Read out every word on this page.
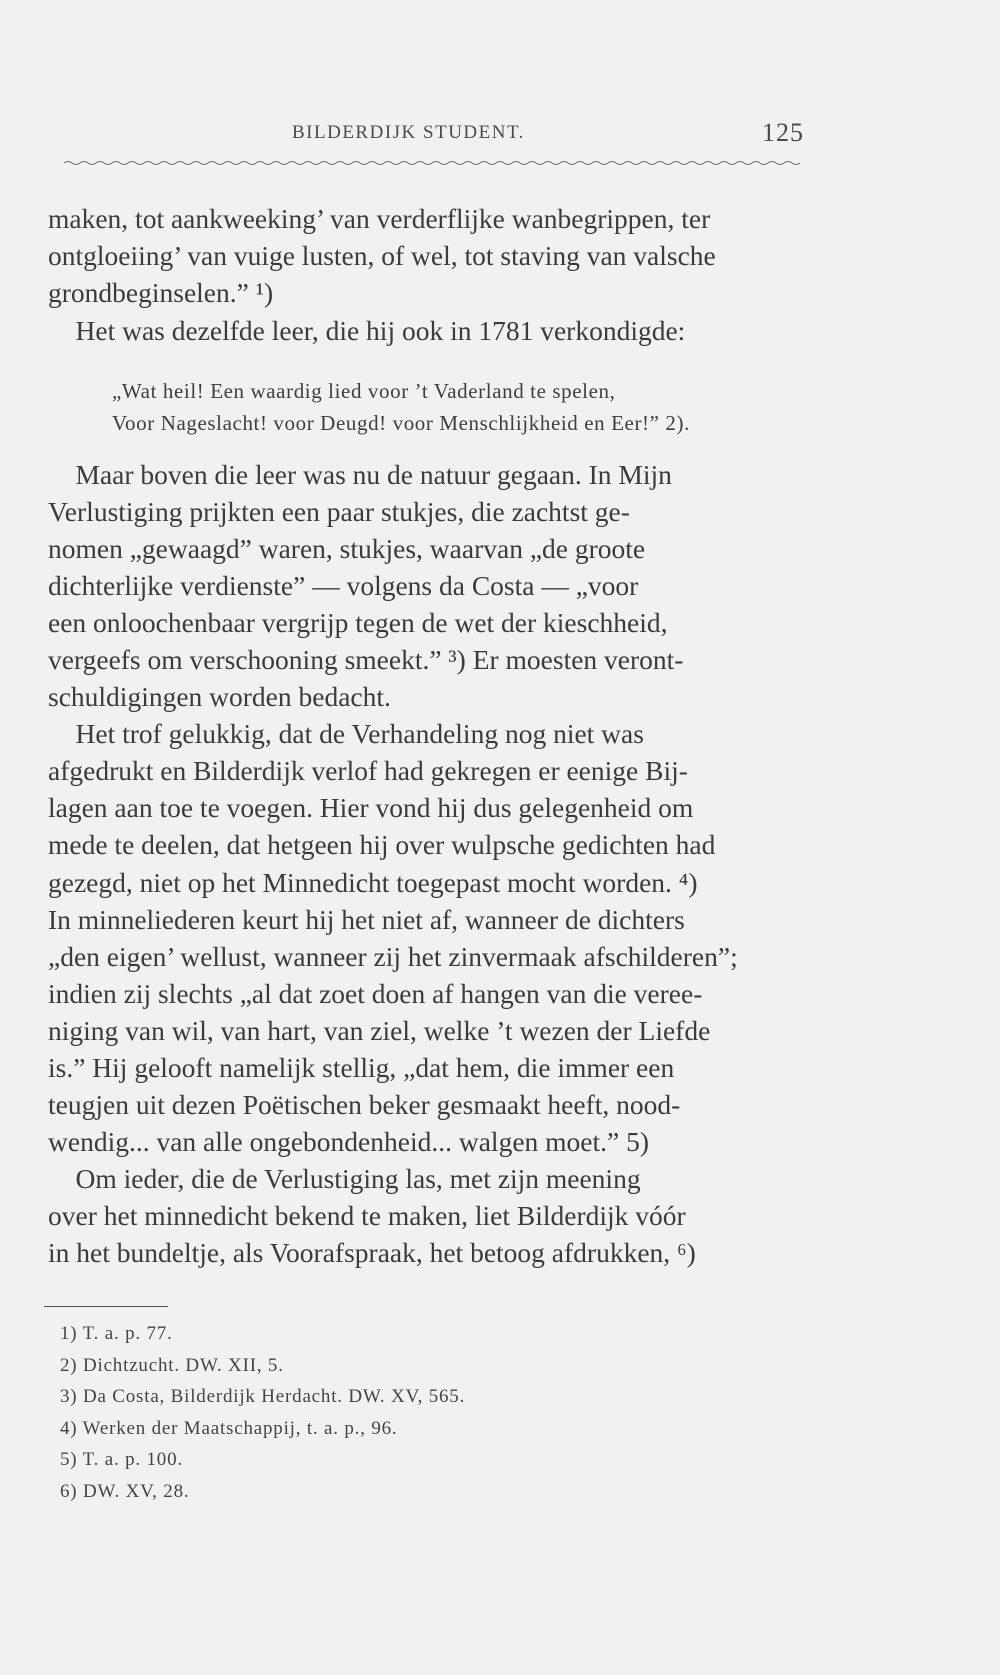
BILDERDIJK STUDENT.	125
maken, tot aankweeking’ van verderflijke wanbegrippen, ter
ontgloeiing’ van vuige lusten, of wel, tot staving van valsche
grondbeginselen.” ¹)
Het was dezelfde leer, die hij ook in 1781 verkondigde:
„Wat heil! Een waardig lied voor ’t Vaderland te spelen,
Voor Nageslacht! voor Deugd! voor Menschlijkheid en Eer!” 2).
Maar boven die leer was nu de natuur gegaan. In Mijn
Verlustiging prijkten een paar stukjes, die zachtst ge-
nomen „gewaagd” waren, stukjes, waarvan „de groote
dichterlijke verdienste” — volgens da Costa — „voor
een onloochenbaar vergrijp tegen de wet der kieschheid,
vergeefs om verschooning smeekt.” ³) Er moesten veront-
schuldigingen worden bedacht.
Het trof gelukkig, dat de Verhandeling nog niet was
afgedrukt en Bilderdijk verlof had gekregen er eenige Bij-
lagen aan toe te voegen. Hier vond hij dus gelegenheid om
mede te deelen, dat hetgeen hij over wulpsche gedichten had
gezegd, niet op het Minnedicht toegepast mocht worden. ⁴)
In minneliederen keurt hij het niet af, wanneer de dichters
„den eigen’ wellust, wanneer zij het zinvermaak afschilderen”;
indien zij slechts „al dat zoet doen af hangen van die veree-
niging van wil, van hart, van ziel, welke ’t wezen der Liefde
is.” Hij gelooft namelijk stellig, „dat hem, die immer een
teugjen uit dezen Poëtischen beker gesmaakt heeft, nood-
wendig... van alle ongebondenheid... walgen moet.” 5)
Om ieder, die de Verlustiging las, met zijn meening
over het minnedicht bekend te maken, liet Bilderdijk vóór
in het bundeltje, als Voorafspraak, het betoog afdrukken, ⁶)
1) T. a. p. 77.
2) Dichtzucht. DW. XII, 5.
3) Da Costa, Bilderdijk Herdacht. DW. XV, 565.
4) Werken der Maatschappij, t. a. p., 96.
5) T. a. p. 100.
6) DW. XV, 28.
